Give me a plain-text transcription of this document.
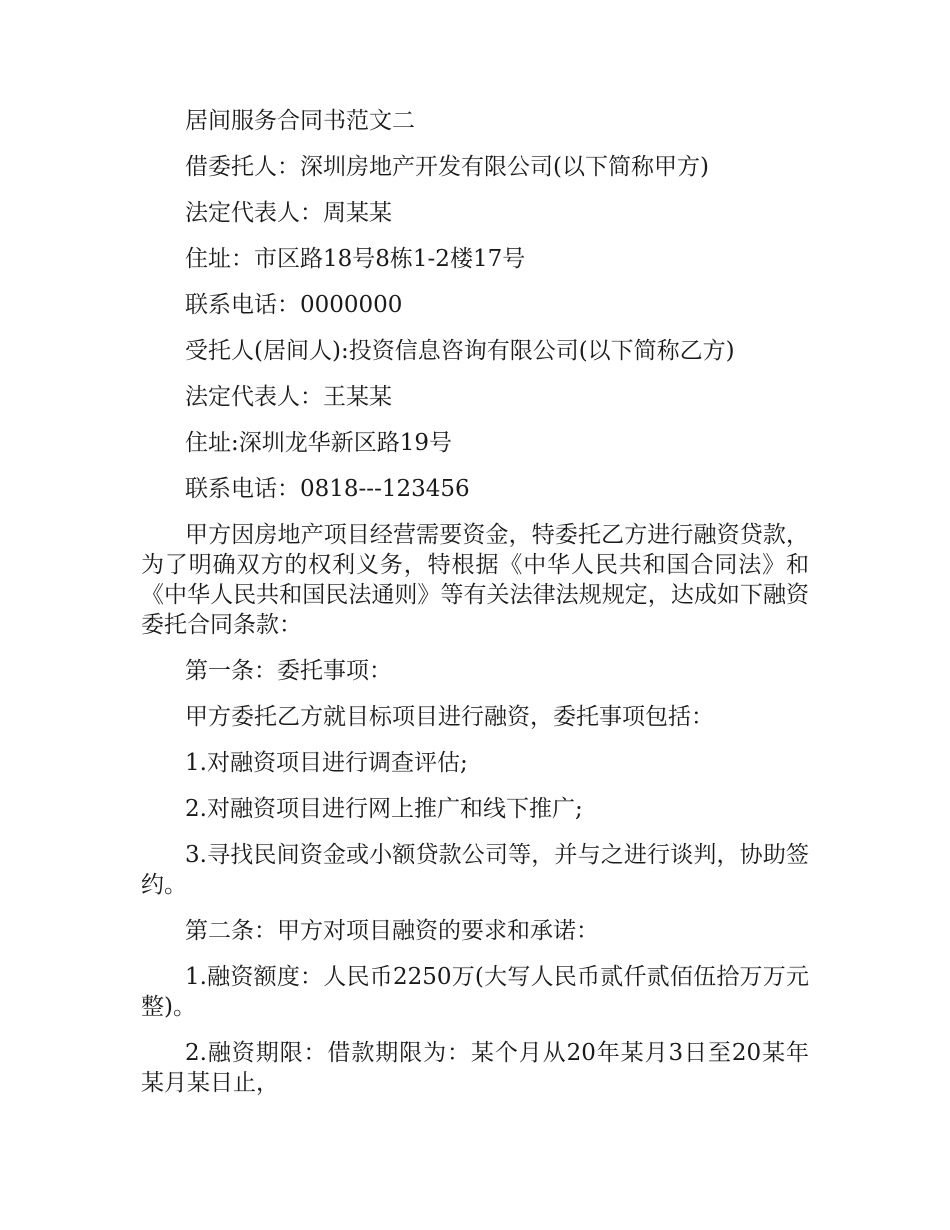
居间服务合同书范文二

借委托人：深圳房地产开发有限公司(以下简称甲方)

法定代表人：周某某

住址：市区路18号8栋1-2楼17号

联系电话：0000000

受托人(居间人):投资信息咨询有限公司(以下简称乙方)

法定代表人：王某某

住址:深圳龙华新区路19号

联系电话：0818---123456

甲方因房地产项目经营需要资金，特委托乙方进行融资贷款，为了明确双方的权利义务，特根据《中华人民共和国合同法》和《中华人民共和国民法通则》等有关法律法规规定，达成如下融资委托合同条款：

第一条：委托事项：

甲方委托乙方就目标项目进行融资，委托事项包括：

1.对融资项目进行调查评估;

2.对融资项目进行网上推广和线下推广;

3.寻找民间资金或小额贷款公司等，并与之进行谈判，协助签约。

第二条：甲方对项目融资的要求和承诺：

1.融资额度：人民币2250万(大写人民币贰仟贰佰伍拾万万元整)。

2.融资期限：借款期限为：某个月从20年某月3日至20某年某月某日止，
